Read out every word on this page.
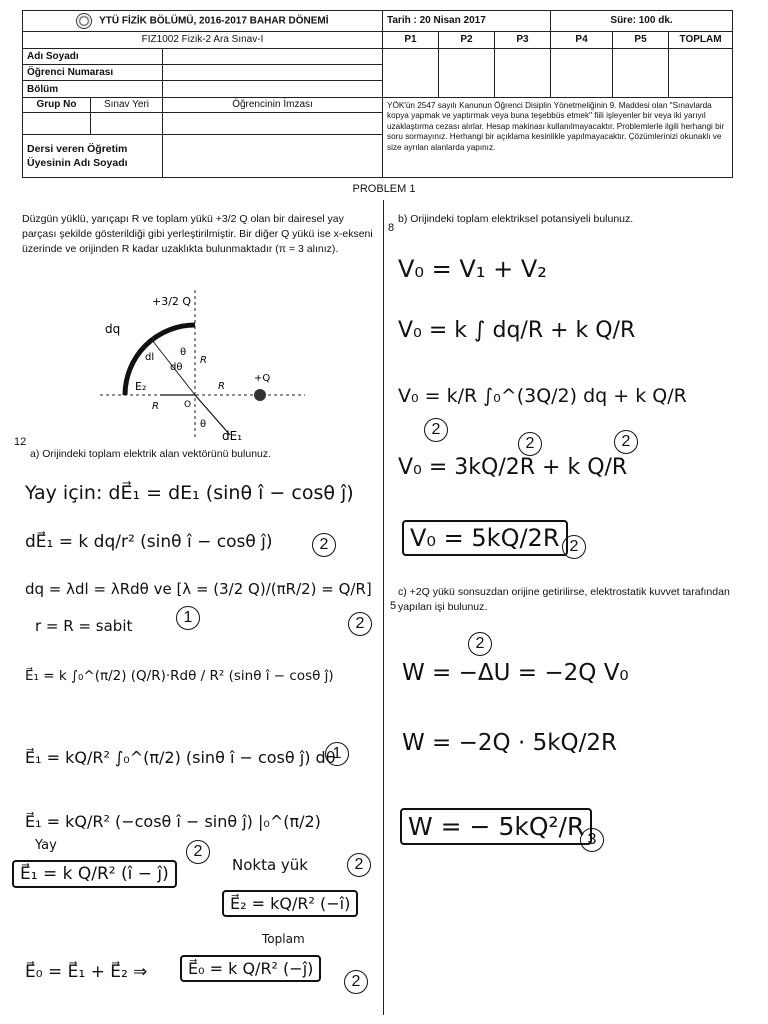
YTÜ FİZİK BÖLÜMÜ, 2016-2017 BAHAR DÖNEMİ			Tarih : 20 Nisan 2017			Süre: 100 dk.		
FIZ1002 Fizik-2 Ara Sınav-I			P1	P2	P3	P4	P5	TOPLAM
Adı Soyadı								
Öğrenci Numarası								
Bölüm								
Grup No	Sınav Yeri	Öğrencinin İmzası	YÖK'ün 2547 sayılı Kanunun Öğrenci Disiplin Yönetmeliğinin 9. Maddesi olan "Sınavlarda kopya yapmak ve yaptırmak veya buna teşebbüs etmek" fiili işleyenler bir veya iki yarıyıl uzaklaştırma cezası alırlar. Hesap makinası kullanılmayacaktır. Problemlerle ilgili herhangi bir soru sormayınız. Herhangi bir açıklama kesinlikle yapılmayacaktır. Çözümlerinizi okunaklı ve size ayrılan alanlarda yapınız.					

Dersi veren Öğretim Üyesinin Adı Soyadı								
PROBLEM 1
Düzgün yüklü, yarıçapı R ve toplam yükü +3/2 Q olan bir dairesel yay parçası şekilde gösterildiği gibi yerleştirilmiştir. Bir diğer Q yükü ise x-ekseni üzerinde ve orijinden R kadar uzaklıkta bulunmaktadır (π = 3 alınız).
+3/2 Q
dq
dl	θ
dθ
R
R
R
+Q
O
E₂
dE₁
θ
12
a) Orijindeki toplam elektrik alan vektörünü bulunuz.
Yay için: dE⃗₁ = dE₁ (sinθ î − cosθ ĵ)
dE⃗₁ = k dq/r² (sinθ î − cosθ ĵ)	2
dq = λdl = λRdθ ve [λ = (3/2 Q)/(πR/2) = Q/R]
2
r = R = sabit	1
E⃗₁ = k ∫₀^(π/2) (Q/R)·Rdθ / R² (sinθ î − cosθ ĵ)
E⃗₁ = kQ/R² ∫₀^(π/2) (sinθ î − cosθ ĵ) dθ
1
E⃗₁ = kQ/R² (−cosθ î − sinθ ĵ) |₀^(π/2)
Yay
E⃗₁ = k Q/R² (î − ĵ)
2
Nokta yük	2
E⃗₂ = kQ/R² (−î)
Toplam
E⃗₀ = E⃗₁ + E⃗₂ ⇒	E⃗₀ = k Q/R² (−ĵ)
2
8
b) Orijindeki toplam elektriksel potansiyeli bulunuz.
V₀ = V₁ + V₂
V₀ = k ∫ dq/R + k Q/R
V₀ = k/R ∫₀^(3Q/2) dq + k Q/R
2
2	2
V₀ = 3kQ/2R + k Q/R
V₀ = 5kQ/2R 2
5
c) +2Q yükü sonsuzdan orijine getirilirse, elektrostatik kuvvet tarafından yapılan işi bulunuz.
2
W = −ΔU = −2Q V₀
W = −2Q · 5kQ/2R
W = − 5kQ²/R 3
